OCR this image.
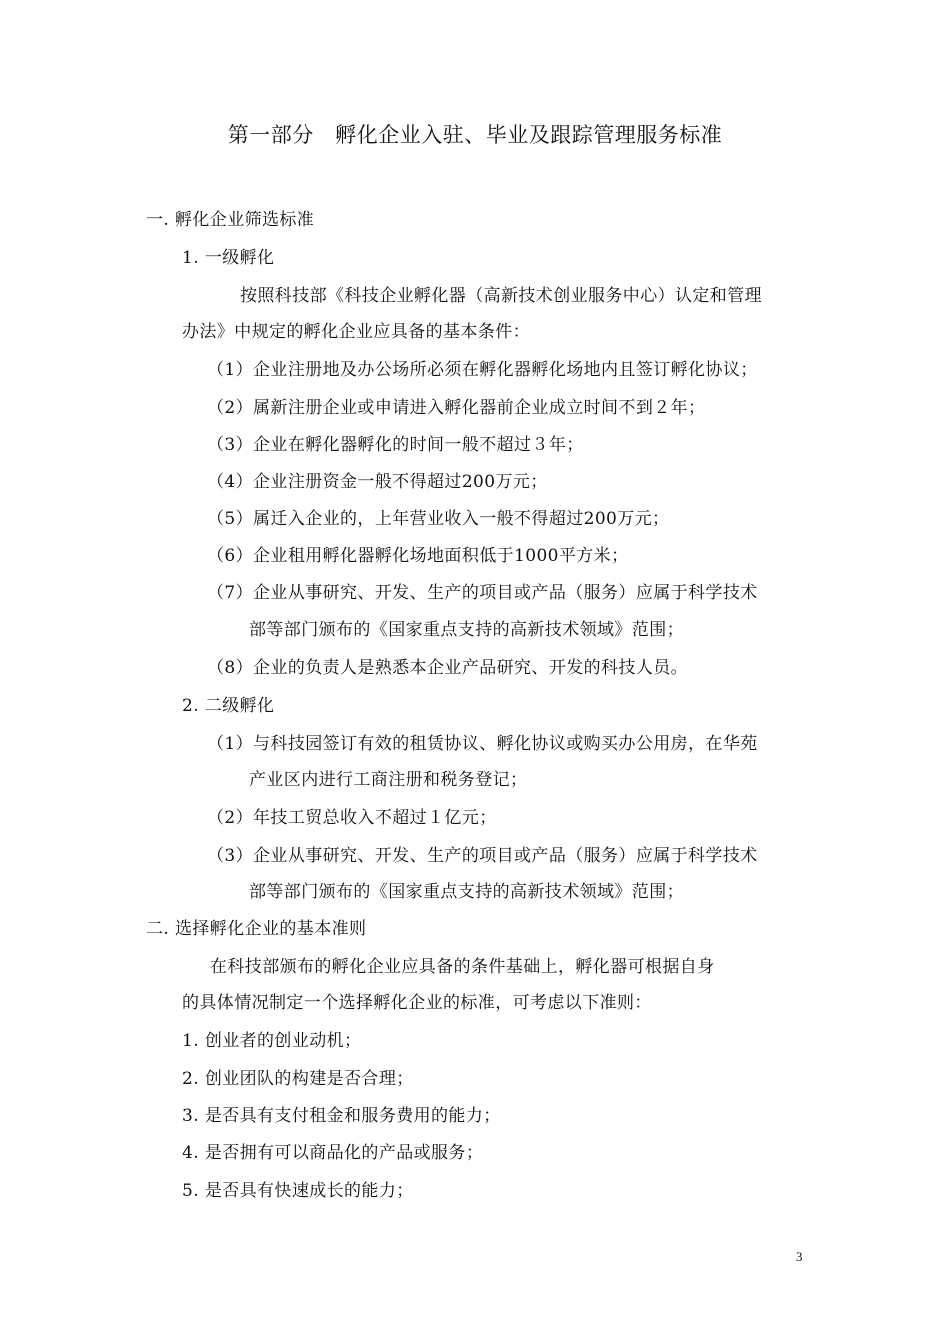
第一部分　孵化企业入驻、毕业及跟踪管理服务标准
一. 孵化企业筛选标准
1. 一级孵化
按照科技部《科技企业孵化器（高新技术创业服务中心）认定和管理
办法》中规定的孵化企业应具备的基本条件：
（1）企业注册地及办公场所必须在孵化器孵化场地内且签订孵化协议；
（2）属新注册企业或申请进入孵化器前企业成立时间不到２年；
（3）企业在孵化器孵化的时间一般不超过３年；
（4）企业注册资金一般不得超过200万元；
（5）属迁入企业的，上年营业收入一般不得超过200万元；
（6）企业租用孵化器孵化场地面积低于1000平方米；
（7）企业从事研究、开发、生产的项目或产品（服务）应属于科学技术
部等部门颁布的《国家重点支持的高新技术领域》范围；
（8）企业的负责人是熟悉本企业产品研究、开发的科技人员。
2. 二级孵化
（1）与科技园签订有效的租赁协议、孵化协议或购买办公用房，在华苑
产业区内进行工商注册和税务登记；
（2）年技工贸总收入不超过１亿元；
（3）企业从事研究、开发、生产的项目或产品（服务）应属于科学技术
部等部门颁布的《国家重点支持的高新技术领域》范围；
二. 选择孵化企业的基本准则
在科技部颁布的孵化企业应具备的条件基础上，孵化器可根据自身
的具体情况制定一个选择孵化企业的标准，可考虑以下准则：
1. 创业者的创业动机；
2. 创业团队的构建是否合理；
3. 是否具有支付租金和服务费用的能力；
4. 是否拥有可以商品化的产品或服务；
5. 是否具有快速成长的能力；
3
